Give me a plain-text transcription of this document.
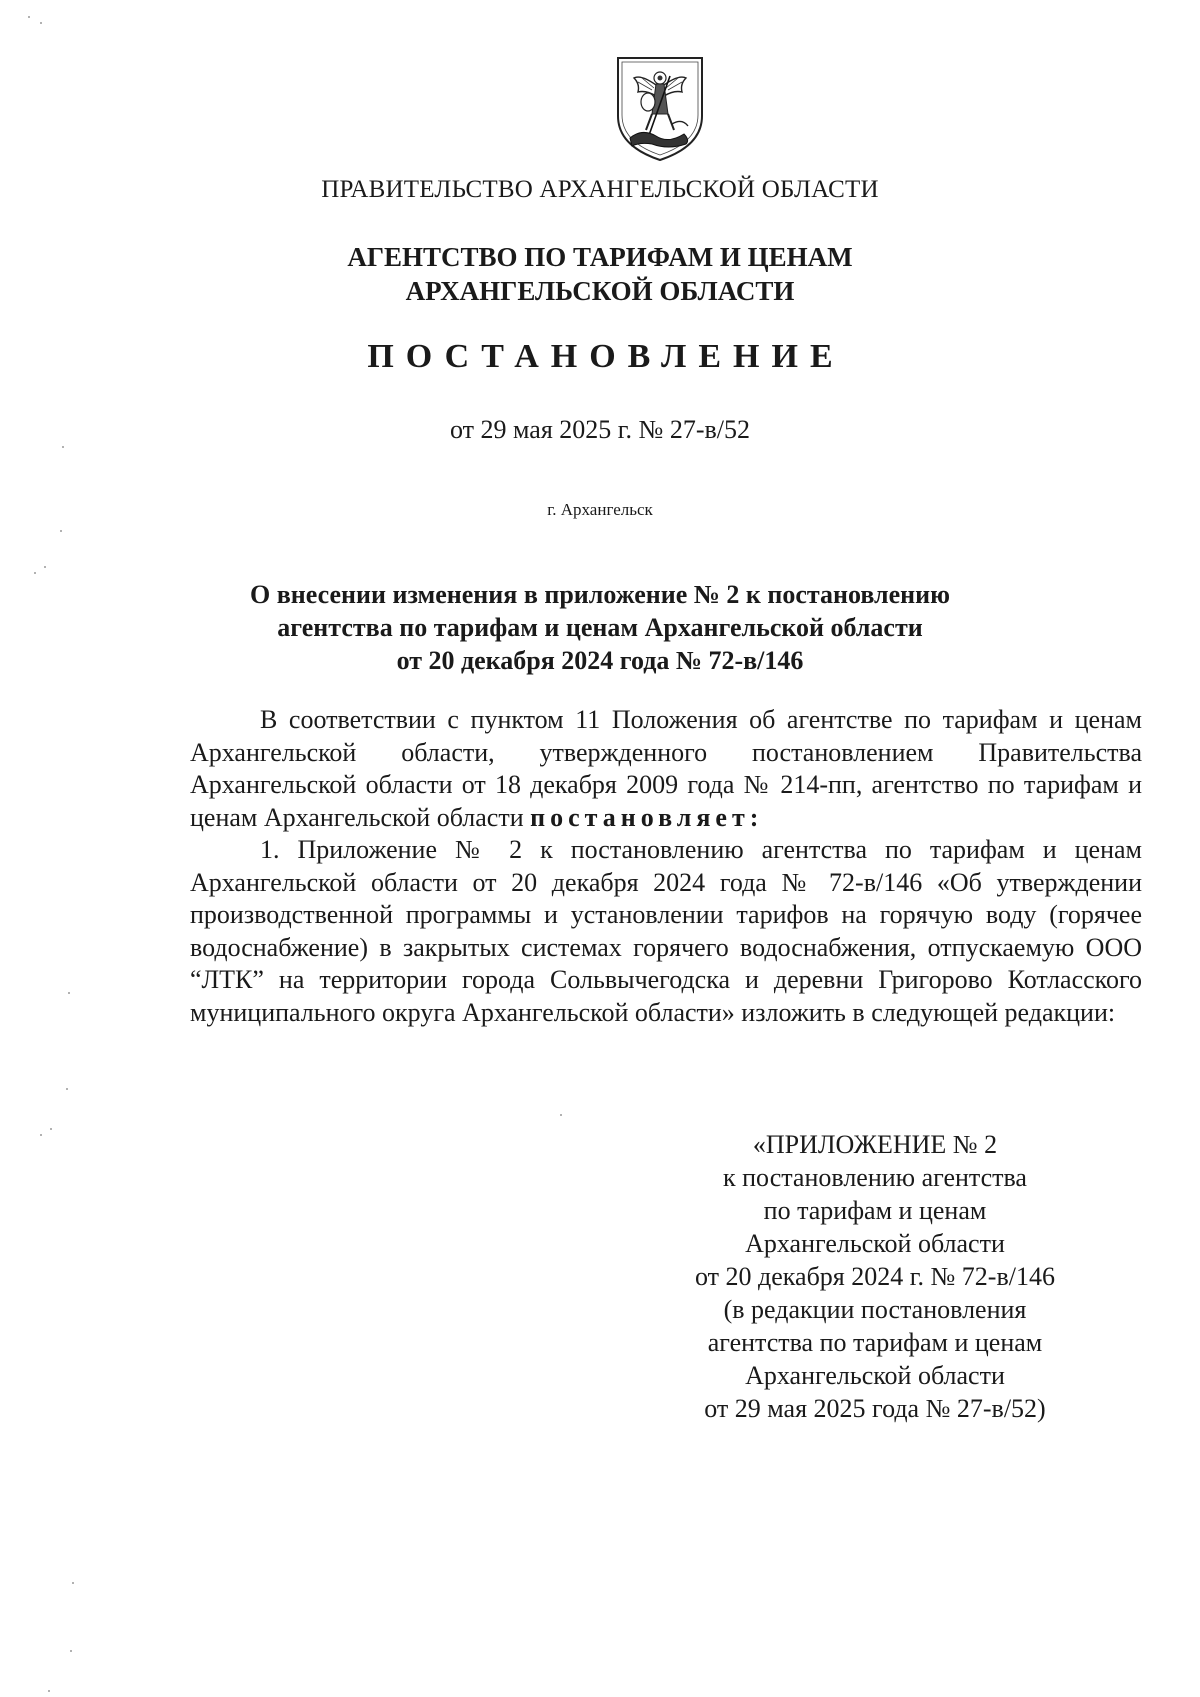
ПРАВИТЕЛЬСТВО АРХАНГЕЛЬСКОЙ ОБЛАСТИ
АГЕНТСТВО ПО ТАРИФАМ И ЦЕНАМ
АРХАНГЕЛЬСКОЙ ОБЛАСТИ
ПОСТАНОВЛЕНИЕ
от 29 мая 2025 г. № 27-в/52
г. Архангельск
О внесении изменения в приложение № 2 к постановлению
агентства по тарифам и ценам Архангельской области
от 20 декабря 2024 года № 72-в/146
В соответствии с пунктом 11 Положения об агентстве по тарифам и ценам Архангельской области, утвержденного постановлением Правительства Архангельской области от 18 декабря 2009 года № 214-пп, агентство по тарифам и ценам Архангельской области постановляет:
1. Приложение № 2 к постановлению агентства по тарифам и ценам Архангельской области от 20 декабря 2024 года № 72-в/146 «Об утверждении производственной программы и установлении тарифов на горячую воду (горячее водоснабжение) в закрытых системах горячего водоснабжения, отпускаемую ООО “ЛТК” на территории города Сольвычегодска и деревни Григорово Котласского муниципального округа Архангельской области» изложить в следующей редакции:
«ПРИЛОЖЕНИЕ № 2
к постановлению агентства
по тарифам и ценам
Архангельской области
от 20 декабря 2024 г. № 72-в/146
(в редакции постановления
агентства по тарифам и ценам
Архангельской области
от 29 мая 2025 года № 27-в/52)
